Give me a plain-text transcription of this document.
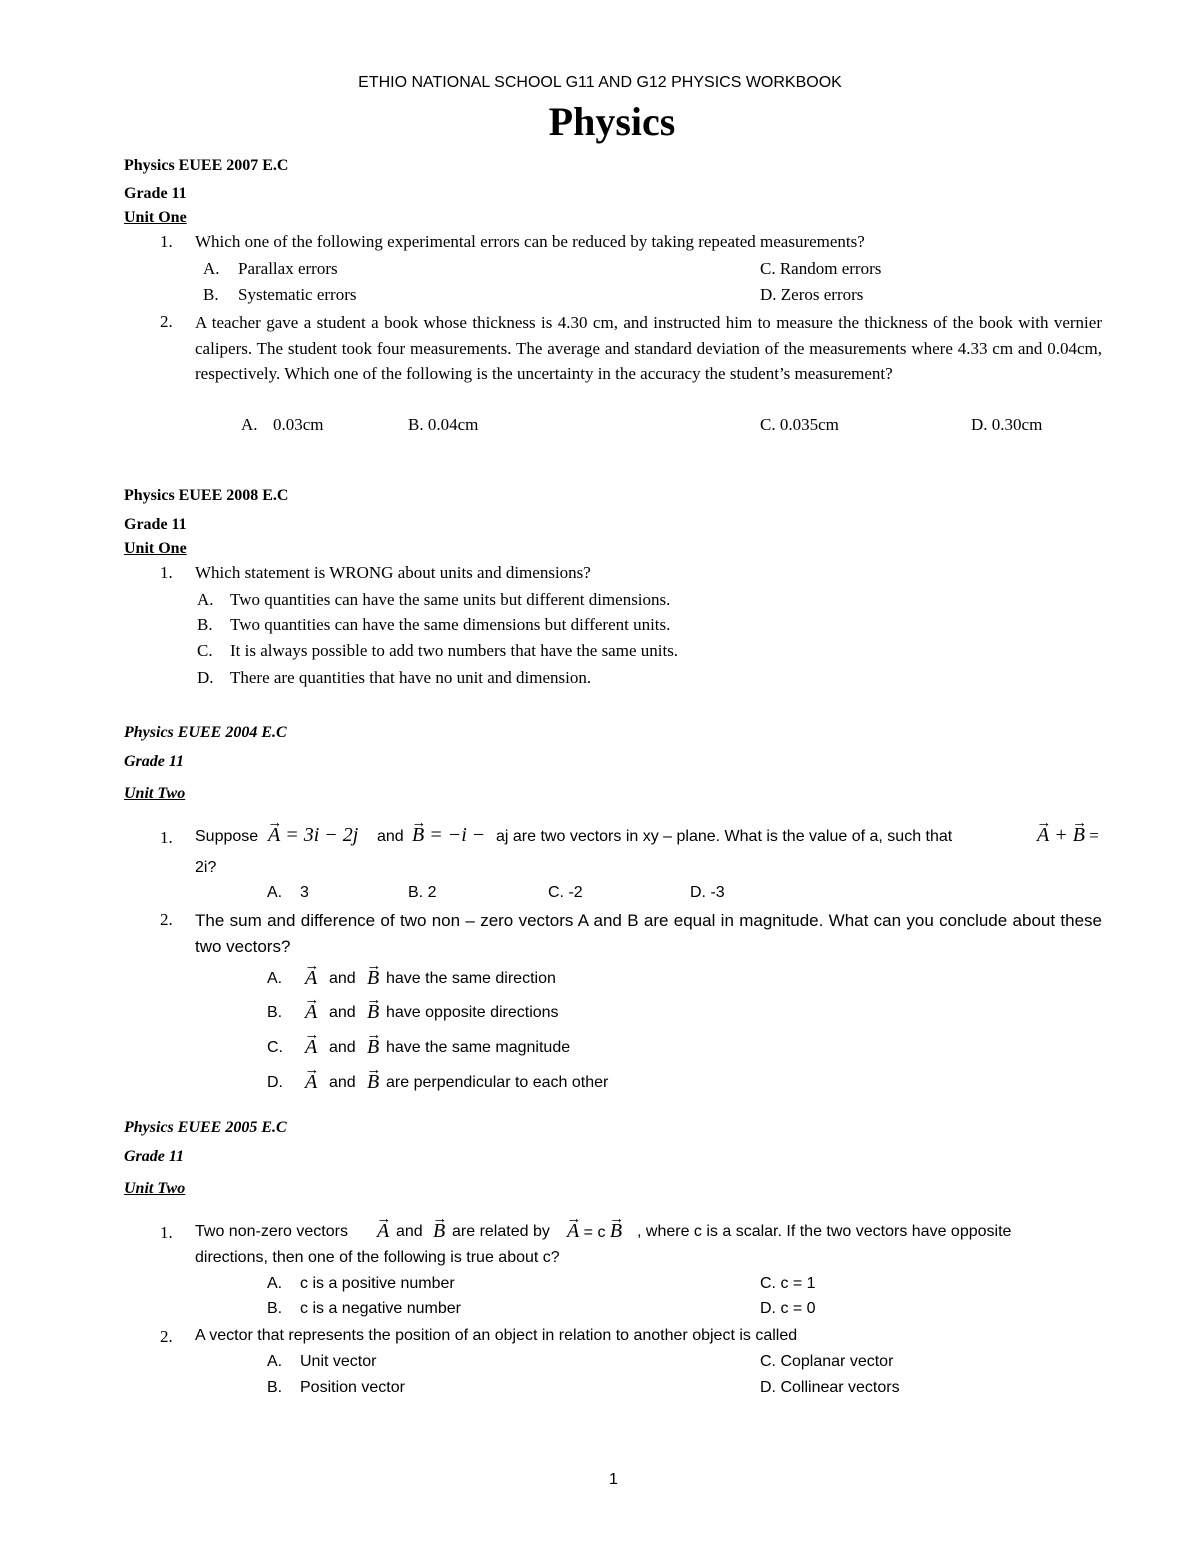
ETHIO NATIONAL SCHOOL G11 AND G12 PHYSICS WORKBOOK
Physics
Physics EUEE 2007 E.C
Grade 11
Unit One
1. Which one of the following experimental errors can be reduced by taking repeated measurements?
A. Parallax errors
B. Systematic errors
C. Random errors
D. Zeros errors
2. A teacher gave a student a book whose thickness is 4.30 cm, and instructed him to measure the thickness of the book with vernier calipers. The student took four measurements. The average and standard deviation of the measurements where 4.33 cm and 0.04cm, respectively. Which one of the following is the uncertainty in the accuracy the student’s measurement?
A. 0.03cm	B. 0.04cm	C. 0.035cm	D. 0.30cm
Physics EUEE 2008 E.C
Grade 11
Unit One
1. Which statement is WRONG about units and dimensions?
A. Two quantities can have the same units but different dimensions.
B. Two quantities can have the same dimensions but different units.
C. It is always possible to add two numbers that have the same units.
D. There are quantities that have no unit and dimension.
Physics EUEE 2004 E.C
Grade 11
Unit Two
1. Suppose → A = 3i − 2j and → B = −i − aj are two vectors in xy – plane. What is the value of a, such that	→ A + → B =
2i?
A. 3	B. 2	C. -2	D. -3
2. The sum and difference of two non – zero vectors A and B are equal in magnitude. What can you conclude about these two vectors?
A. → A and → B have the same direction
B. → A and → B have opposite directions
C. → A and → B have the same magnitude
D. → A and → B are perpendicular to each other
Physics EUEE 2005 E.C
Grade 11
Unit Two
1. Two non-zero vectors → A and → B are related by → A = c → B , where c is a scalar. If the two vectors have opposite
directions, then one of the following is true about c?
A. c is a positive number
B. c is a negative number
C. c = 1
D. c = 0
2. A vector that represents the position of an object in relation to another object is called
A. Unit vector
B. Position vector
C. Coplanar vector
D. Collinear vectors
1
